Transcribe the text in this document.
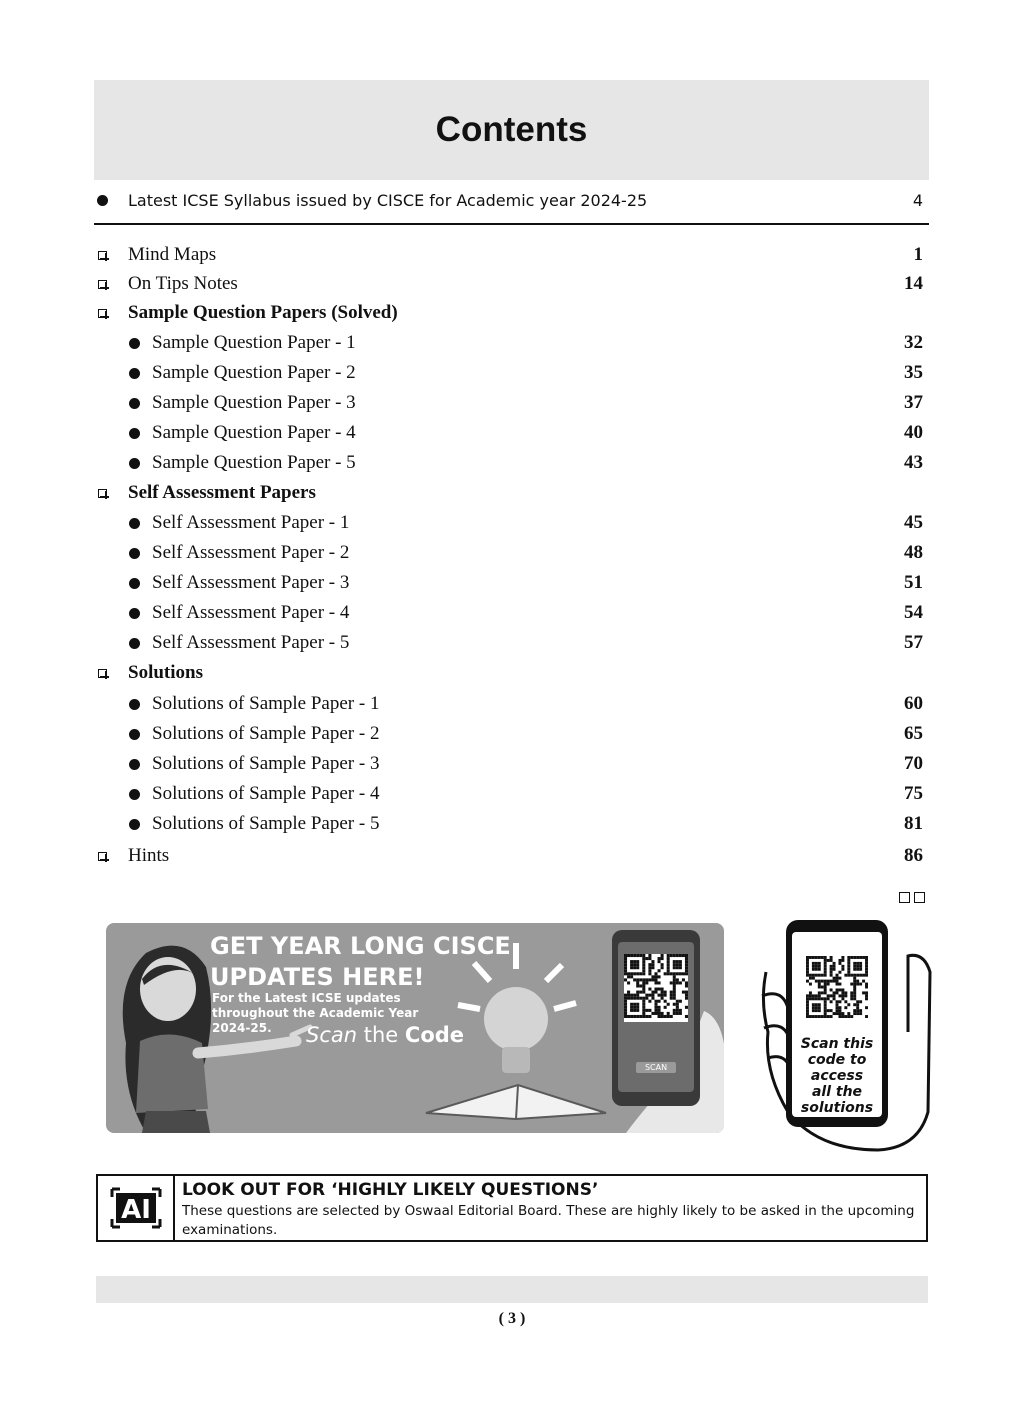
Contents
Latest ICSE Syllabus issued by CISCE for Academic year 2024-25	4
Mind Maps	1
On Tips Notes	14
Sample Question Papers (Solved)
Sample Question Paper - 1	32
Sample Question Paper - 2	35
Sample Question Paper - 3	37
Sample Question Paper - 4	40
Sample Question Paper - 5	43
Self Assessment Papers
Self Assessment Paper - 1	45
Self Assessment Paper - 2	48
Self Assessment Paper - 3	51
Self Assessment Paper - 4	54
Self Assessment Paper - 5	57
Solutions
Solutions of Sample Paper - 1	60
Solutions of Sample Paper - 2	65
Solutions of Sample Paper - 3	70
Solutions of Sample Paper - 4	75
Solutions of Sample Paper - 5	81
Hints	86
GET YEAR LONG CISCE
UPDATES HERE!
For the Latest ICSE updates
throughout the Academic Year
2024-25.	Scan the Code
SCAN
Scan this
code to
access
all the
solutions
AI
LOOK OUT FOR ‘HIGHLY LIKELY QUESTIONS’
These questions are selected by Oswaal Editorial Board. These are highly likely to be asked in the upcoming examinations.
( 3 )
